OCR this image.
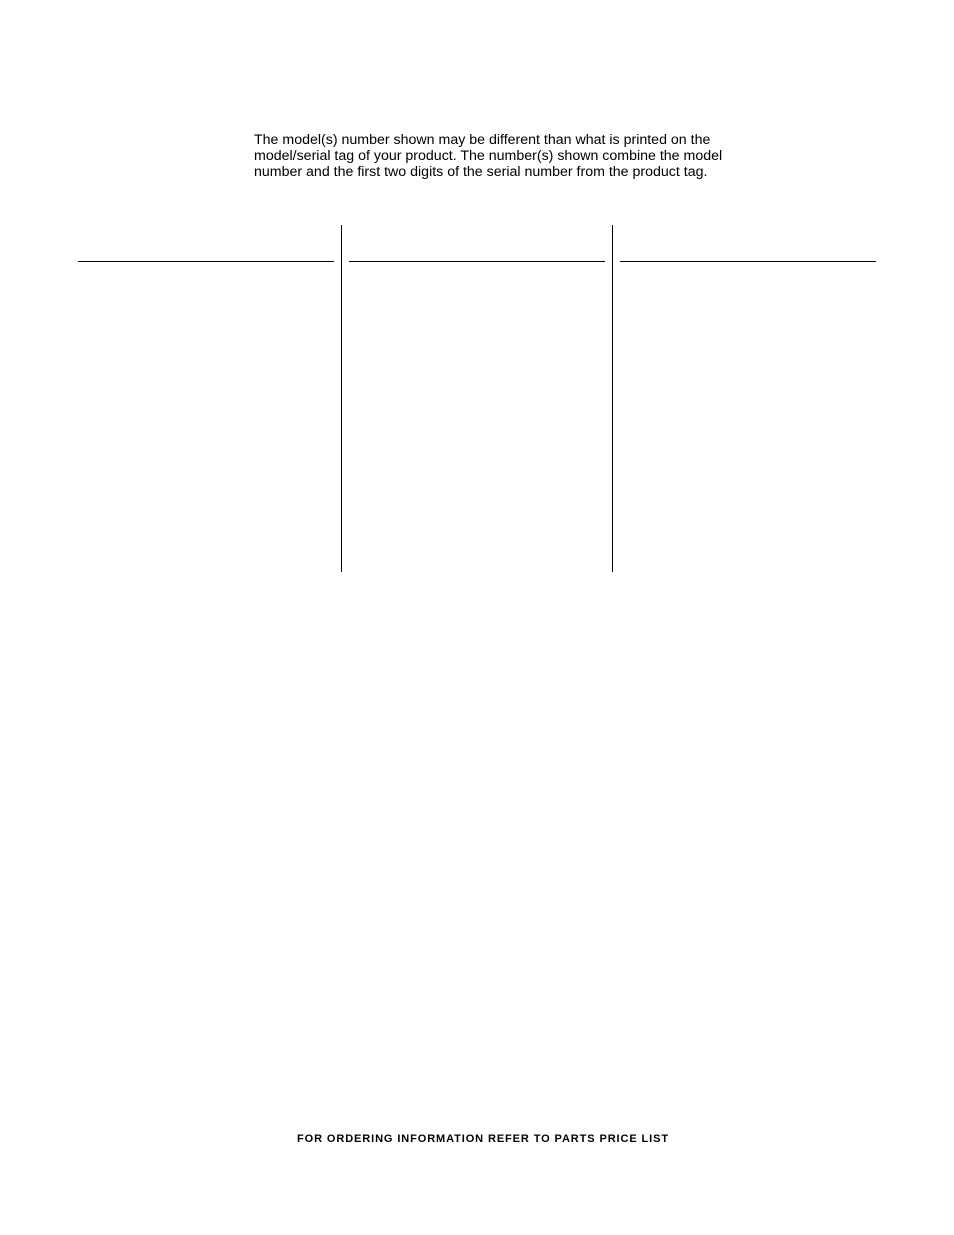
The model(s) number shown may be different than what is printed on the
model/serial tag of your product. The number(s) shown combine the model
number and the first two digits of the serial number from the product tag.
FOR ORDERING INFORMATION REFER TO PARTS PRICE LIST
